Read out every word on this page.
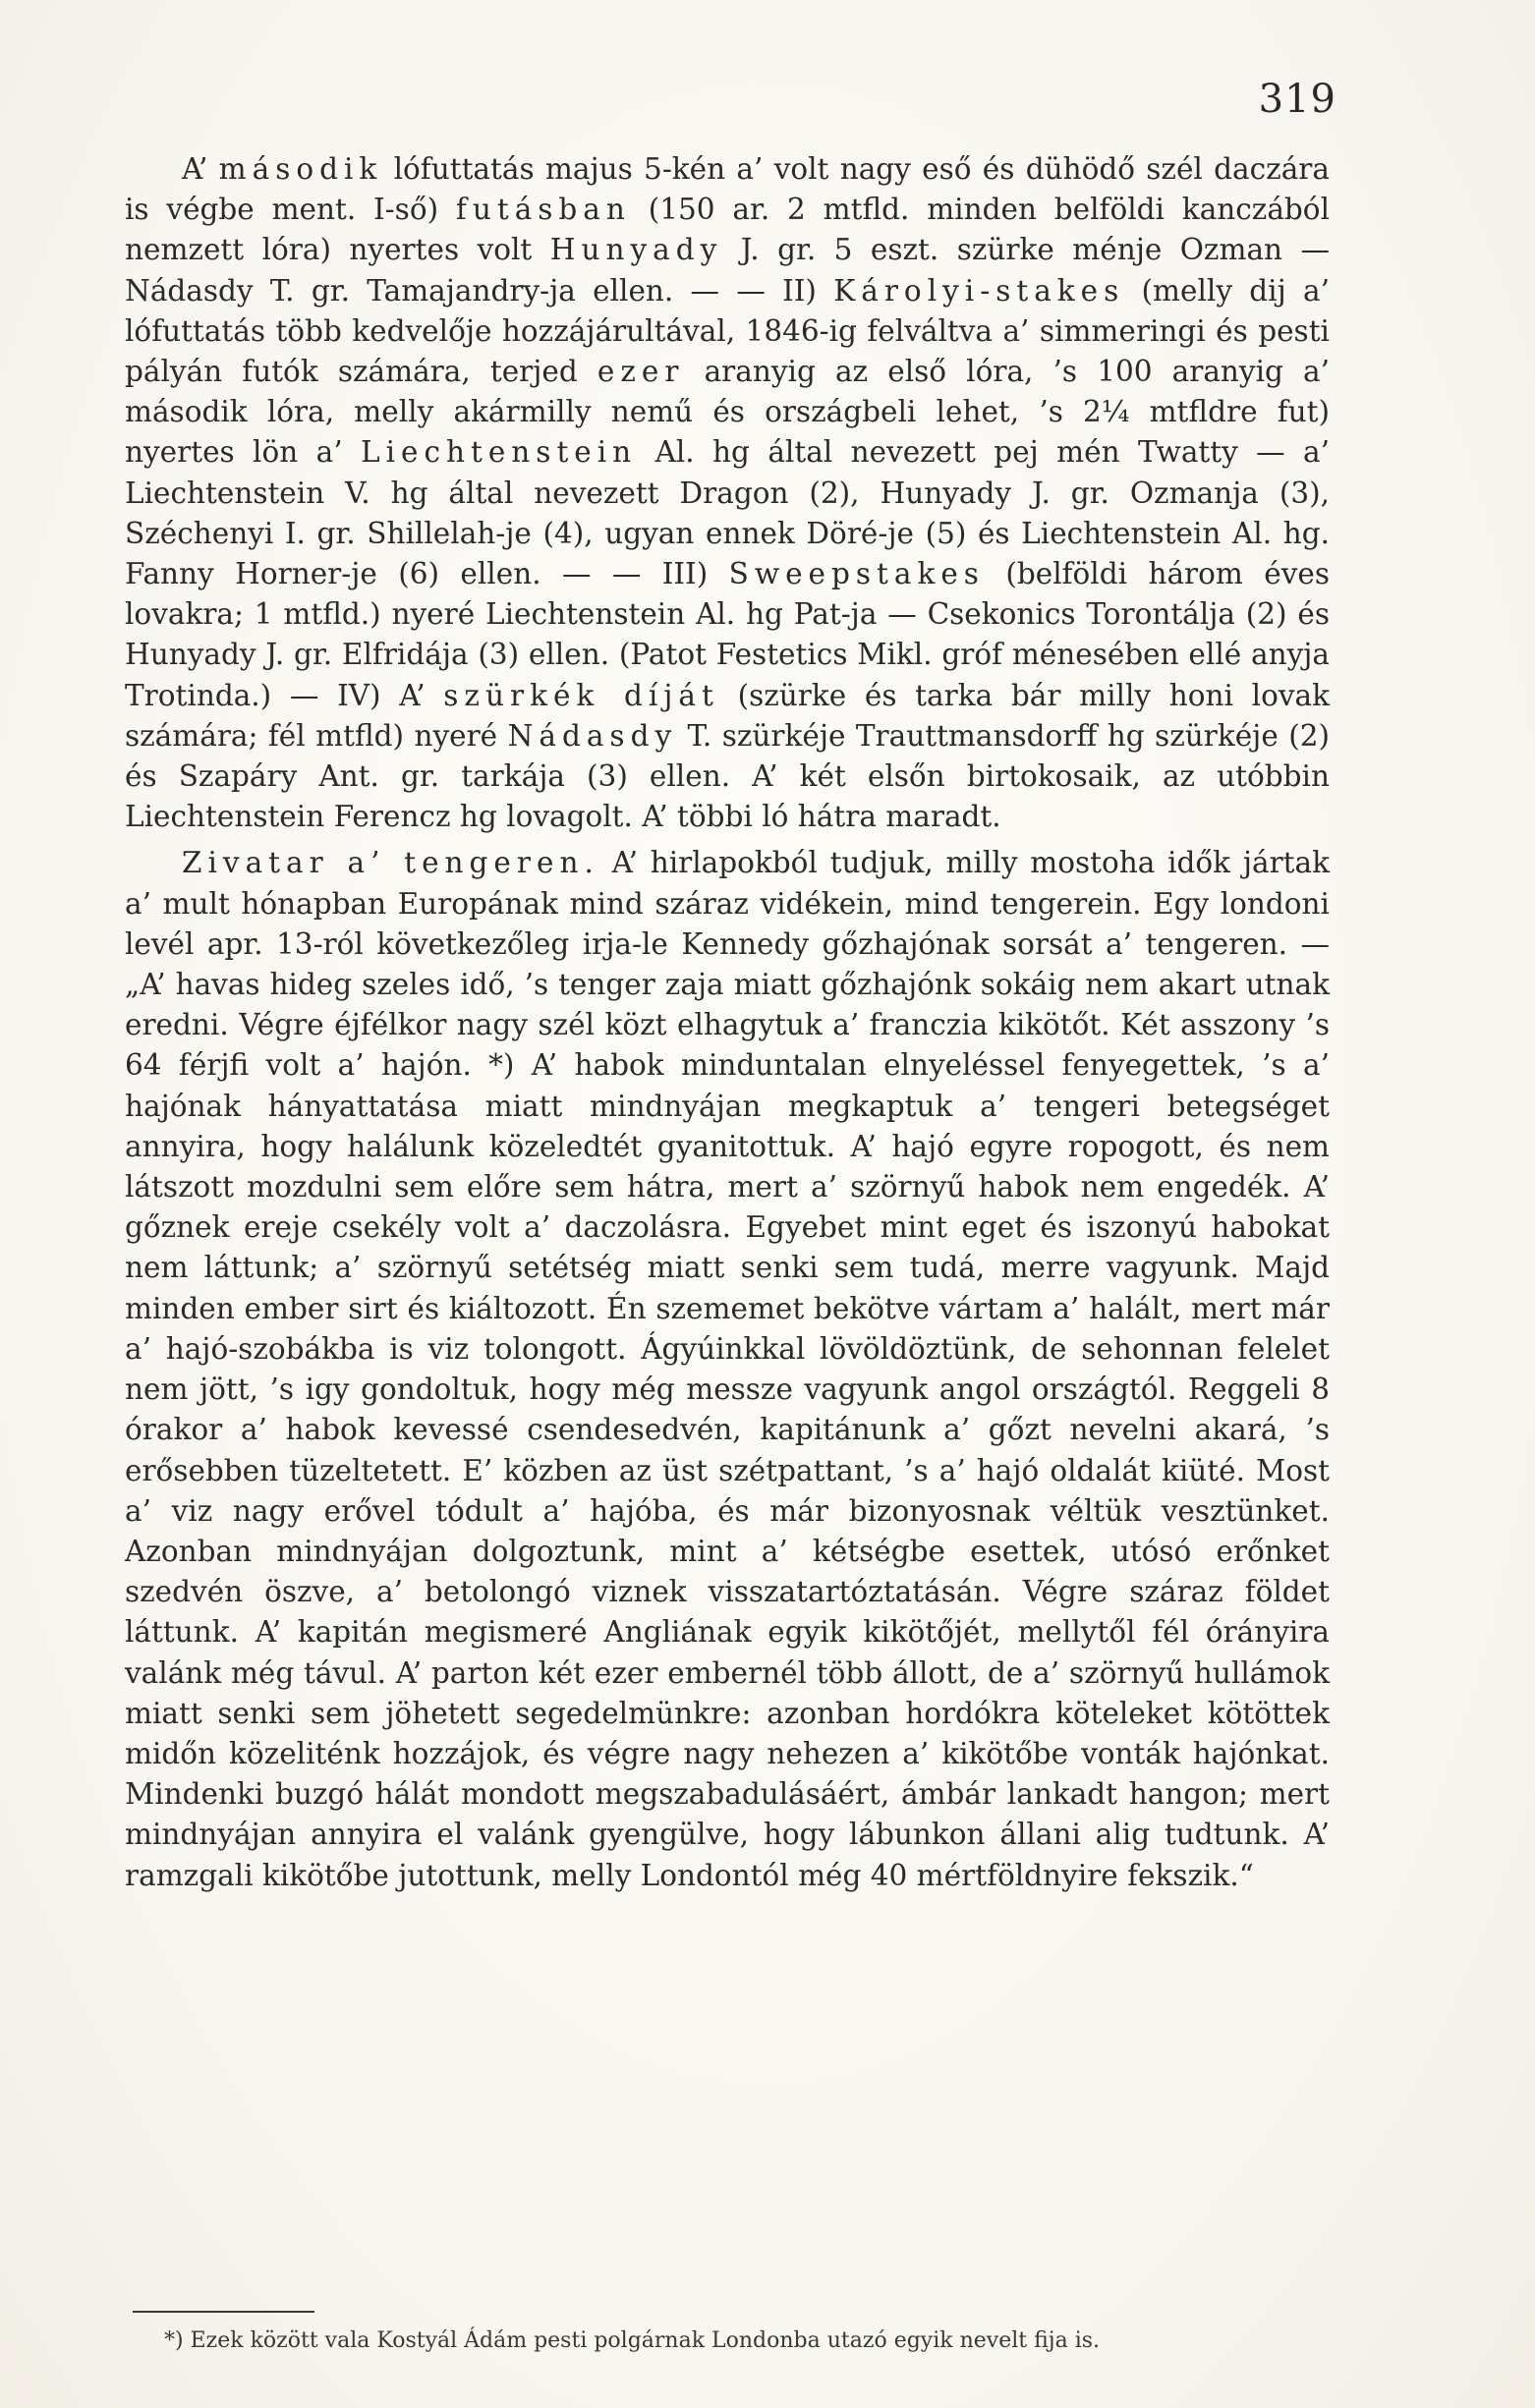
319

A’ második lófuttatás majus 5-kén a’ volt nagy eső és dühödő szél daczára is végbe ment. I-ső) futásban (150 ar. 2 mtfld. minden belföldi kanczából nemzett lóra) nyertes volt Hunyady J. gr. 5 eszt. szürke ménje Ozman — Nádasdy T. gr. Tamajandry-ja ellen. — — II) Károlyi-stakes (melly dij a’ lófuttatás több kedvelője hozzájárultával, 1846-ig felváltva a’ simmeringi és pesti pályán futók számára, terjed ezer aranyig az első lóra, ’s 100 aranyig a’ második lóra, melly akármilly nemű és országbeli lehet, ’s 2¼ mtfldre fut) nyertes lön a’ Liechtenstein Al. hg által nevezett pej mén Twatty — a’ Liechtenstein V. hg által nevezett Dragon (2), Hunyady J. gr. Ozmanja (3), Széchenyi I. gr. Shillelah-je (4), ugyan ennek Döré-je (5) és Liechtenstein Al. hg. Fanny Horner-je (6) ellen. — — III) Sweepstakes (belföldi három éves lovakra; 1 mtfld.) nyeré Liechtenstein Al. hg Pat-ja — Csekonics Torontálja (2) és Hunyady J. gr. Elfridája (3) ellen. (Patot Festetics Mikl. gróf ménesében ellé anyja Trotinda.) — IV) A’ szürkék díját (szürke és tarka bár milly honi lovak számára; fél mtfld) nyeré Nádasdy T. szürkéje Trauttmansdorff hg szürkéje (2) és Szapáry Ant. gr. tarkája (3) ellen. A’ két elsőn birtokosaik, az utóbbin Liechtenstein Ferencz hg lovagolt. A’ többi ló hátra maradt.

Zivatar a’ tengeren. A’ hirlapokból tudjuk, milly mostoha idők jártak a’ mult hónapban Europának mind száraz vidékein, mind tengerein. Egy londoni levél apr. 13-ról következőleg irja-le Kennedy gőzhajónak sorsát a’ tengeren. — „A’ havas hideg szeles idő, ’s tenger zaja miatt gőzhajónk sokáig nem akart utnak eredni. Végre éjfélkor nagy szél közt elhagytuk a’ franczia kikötőt. Két asszony ’s 64 férjfi volt a’ hajón. *) A’ habok minduntalan elnyeléssel fenyegettek, ’s a’ hajónak hányattatása miatt mindnyájan megkaptuk a’ tengeri betegséget annyira, hogy halálunk közeledtét gyanitottuk. A’ hajó egyre ropogott, és nem látszott mozdulni sem előre sem hátra, mert a’ szörnyű habok nem engedék. A’ gőznek ereje csekély volt a’ daczolásra. Egyebet mint eget és iszonyú habokat nem láttunk; a’ szörnyű setétség miatt senki sem tudá, merre vagyunk. Majd minden ember sirt és kiáltozott. Én szememet bekötve vártam a’ halált, mert már a’ hajó-szobákba is viz tolongott. Ágyúinkkal lövöldöztünk, de sehonnan felelet nem jött, ’s igy gondoltuk, hogy még messze vagyunk angol országtól. Reggeli 8 órakor a’ habok kevessé csendesedvén, kapitánunk a’ gőzt nevelni akará, ’s erősebben tüzeltetett. E’ közben az üst szétpattant, ’s a’ hajó oldalát kiüté. Most a’ viz nagy erővel tódult a’ hajóba, és már bizonyosnak véltük vesztünket. Azonban mindnyájan dolgoztunk, mint a’ kétségbe esettek, utósó erőnket szedvén öszve, a’ betolongó viznek visszatartóztatásán. Végre száraz földet láttunk. A’ kapitán megismeré Angliának egyik kikötőjét, mellytől fél órányira valánk még távul. A’ parton két ezer embernél több állott, de a’ szörnyű hullámok miatt senki sem jöhetett segedelmünkre: azonban hordókra köteleket kötöttek midőn közeliténk hozzájok, és végre nagy nehezen a’ kikötőbe vonták hajónkat. Mindenki buzgó hálát mondott megszabadulásáért, ámbár lankadt hangon; mert mindnyájan annyira el valánk gyengülve, hogy lábunkon állani alig tudtunk. A’ ramzgali kikötőbe jutottunk, melly Londontól még 40 mértföldnyire fekszik.“

*) Ezek között vala Kostyál Ádám pesti polgárnak Londonba utazó egyik nevelt fija is.
